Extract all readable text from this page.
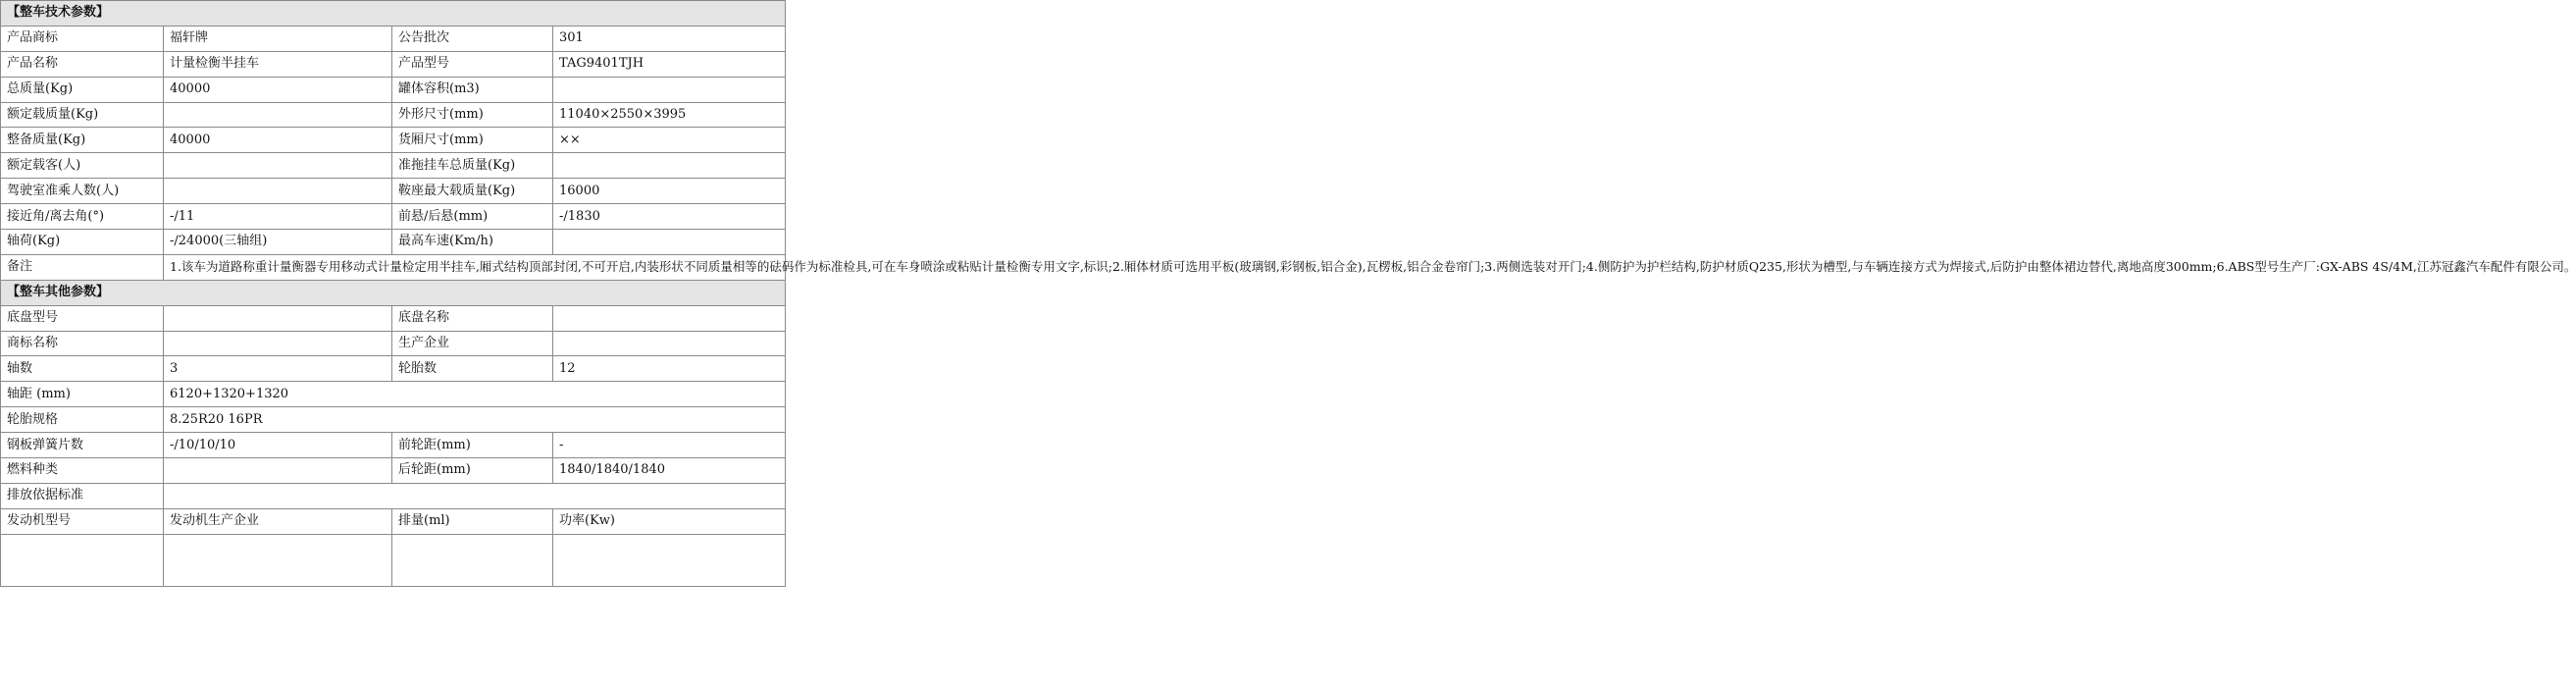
【整车技术参数】			
产品商标	福轩牌	公告批次	301
产品名称	计量检衡半挂车	产品型号	TAG9401TJH
总质量(Kg)	40000	罐体容积(m3)	
额定载质量(Kg)		外形尺寸(mm)	11040×2550×3995
整备质量(Kg)	40000	货厢尺寸(mm)	××
额定载客(人)		准拖挂车总质量(Kg)	
驾驶室准乘人数(人)		鞍座最大载质量(Kg)	16000
接近角/离去角(°)	-/11	前悬/后悬(mm)	-/1830
轴荷(Kg)	-/24000(三轴组)	最高车速(Km/h)	
备注	1.该车为道路称重计量衡器专用移动式计量检定用半挂车,厢式结构顶部封闭,不可开启,内装形状不同质量相等的砝码作为标准检具,可在车身喷涂或粘贴计量检衡专用文字,标识;2.厢体材质可选用平板(玻璃钢,彩钢板,铝合金),瓦楞板,铝合金卷帘门;3.两侧选装对开门;4.侧防护为护栏结构,防护材质Q235,形状为槽型,与车辆连接方式为焊接式,后防护由整体裙边替代,离地高度300mm;6.ABS型号生产厂:GX-ABS 4S/4M,江苏冠鑫汽车配件有限公司。		
【整车其他参数】			
底盘型号		底盘名称	
商标名称		生产企业	
轴数	3	轮胎数	12
轴距 (mm)	6120+1320+1320		
轮胎规格	8.25R20 16PR		
钢板弹簧片数	-/10/10/10	前轮距(mm)	-
燃料种类		后轮距(mm)	1840/1840/1840
排放依据标准			
发动机型号	发动机生产企业	排量(ml)	功率(Kw)
